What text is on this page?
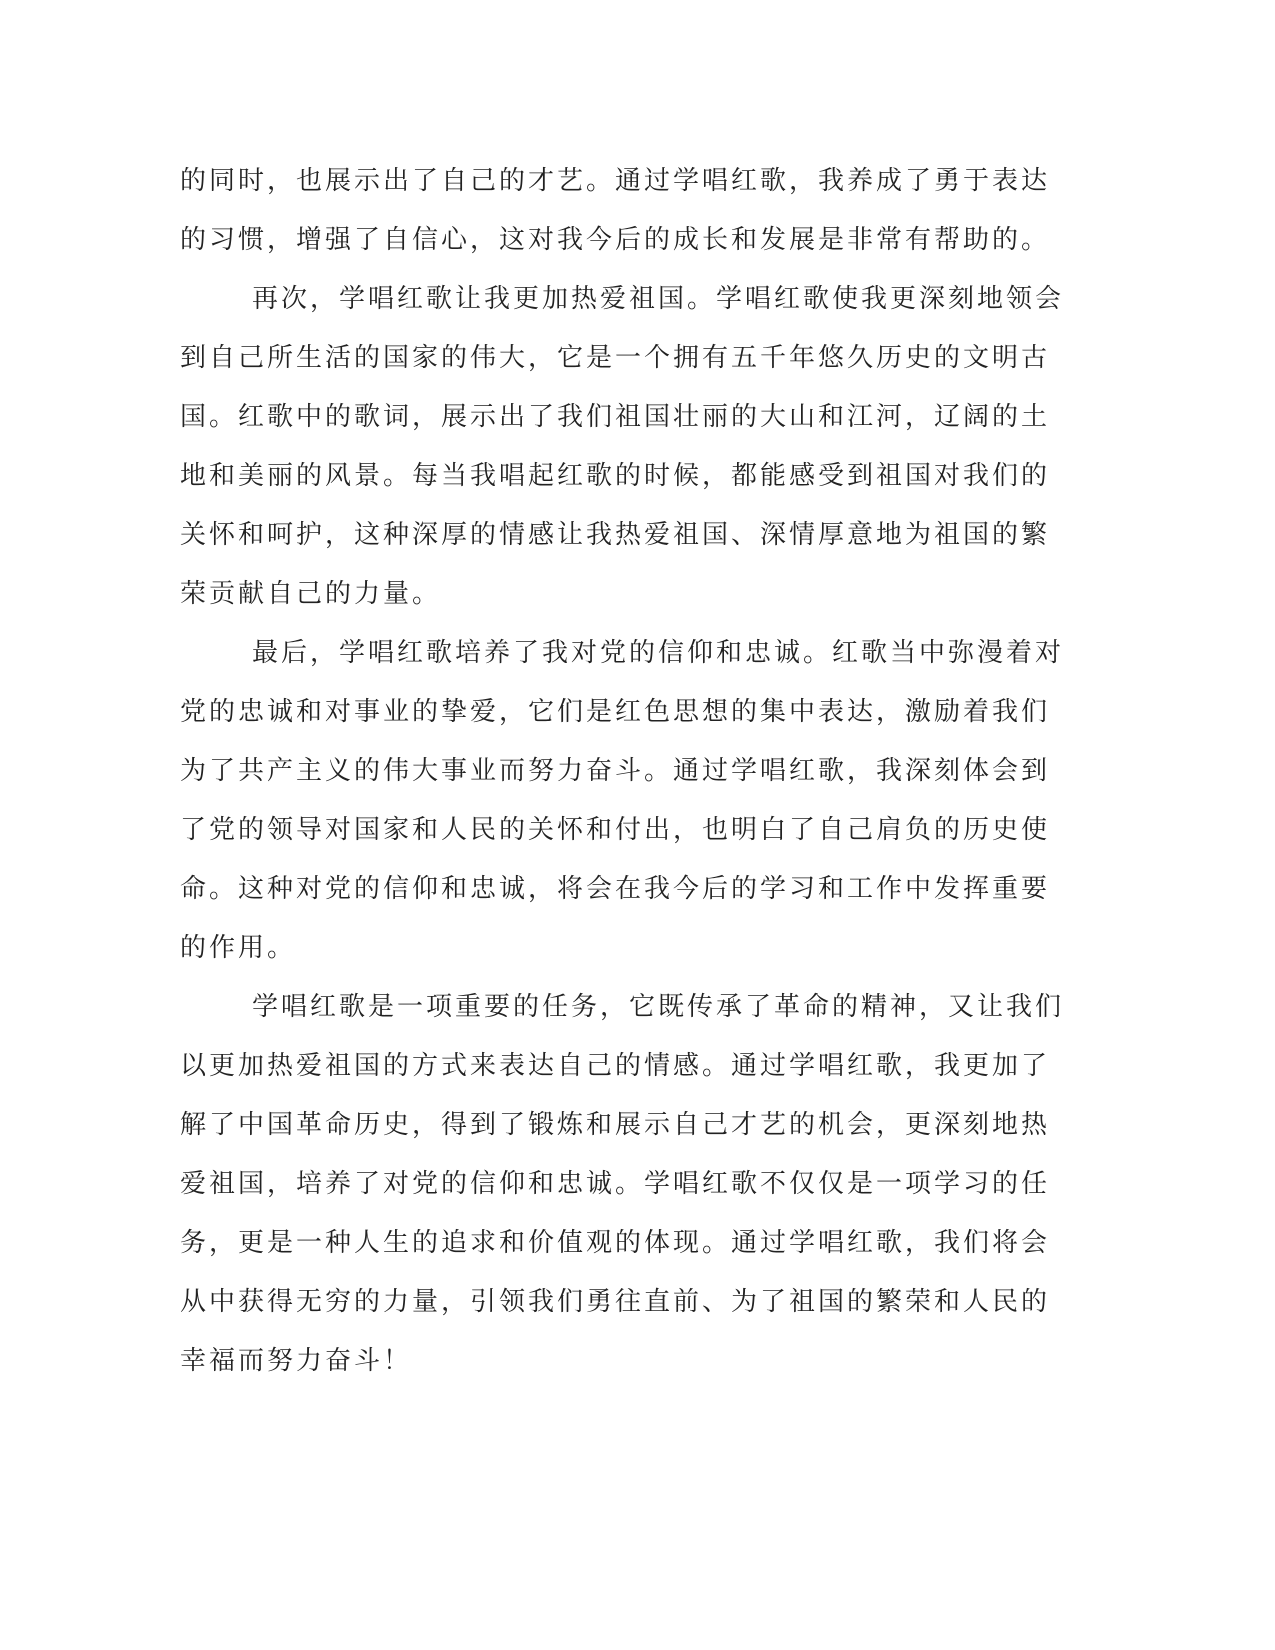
的同时，也展示出了自己的才艺。通过学唱红歌，我养成了勇于表达
的习惯，增强了自信心，这对我今后的成长和发展是非常有帮助的。
再次，学唱红歌让我更加热爱祖国。学唱红歌使我更深刻地领会
到自己所生活的国家的伟大，它是一个拥有五千年悠久历史的文明古
国。红歌中的歌词，展示出了我们祖国壮丽的大山和江河，辽阔的土
地和美丽的风景。每当我唱起红歌的时候，都能感受到祖国对我们的
关怀和呵护，这种深厚的情感让我热爱祖国、深情厚意地为祖国的繁
荣贡献自己的力量。
最后，学唱红歌培养了我对党的信仰和忠诚。红歌当中弥漫着对
党的忠诚和对事业的挚爱，它们是红色思想的集中表达，激励着我们
为了共产主义的伟大事业而努力奋斗。通过学唱红歌，我深刻体会到
了党的领导对国家和人民的关怀和付出，也明白了自己肩负的历史使
命。这种对党的信仰和忠诚，将会在我今后的学习和工作中发挥重要
的作用。
学唱红歌是一项重要的任务，它既传承了革命的精神，又让我们
以更加热爱祖国的方式来表达自己的情感。通过学唱红歌，我更加了
解了中国革命历史，得到了锻炼和展示自己才艺的机会，更深刻地热
爱祖国，培养了对党的信仰和忠诚。学唱红歌不仅仅是一项学习的任
务，更是一种人生的追求和价值观的体现。通过学唱红歌，我们将会
从中获得无穷的力量，引领我们勇往直前、为了祖国的繁荣和人民的
幸福而努力奋斗！
